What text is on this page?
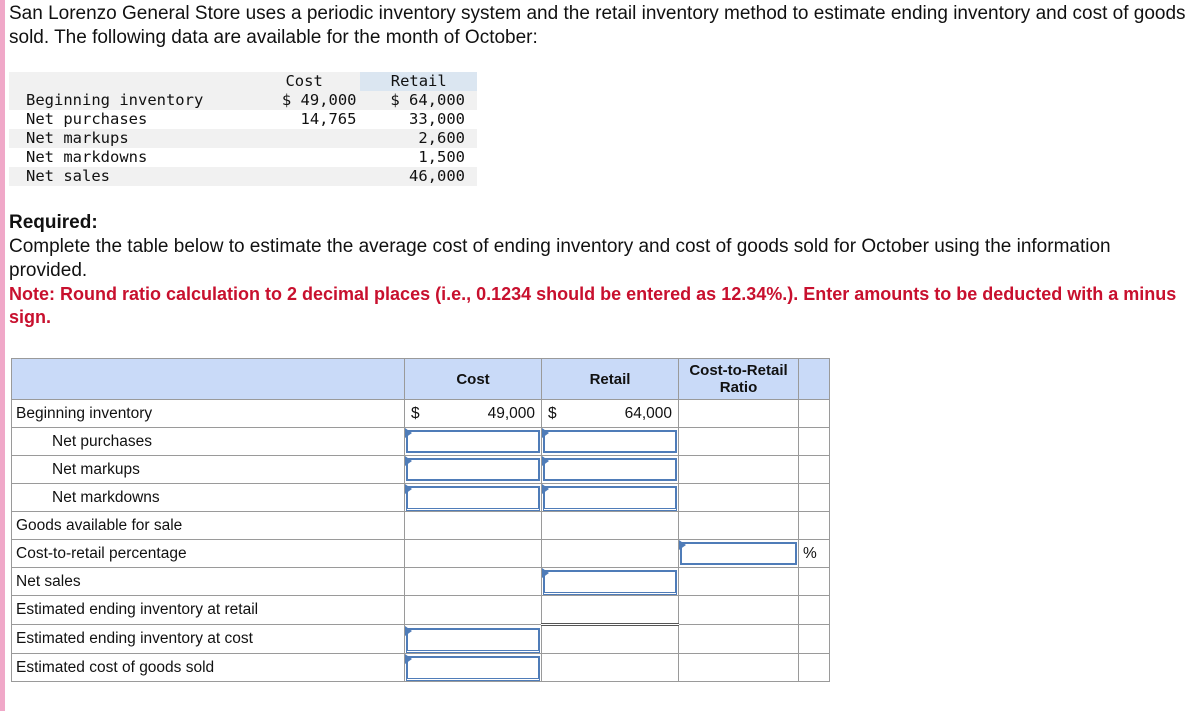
San Lorenzo General Store uses a periodic inventory system and the retail inventory method to estimate ending inventory and cost of goods sold. The following data are available for the month of October:

	Cost	Retail
Beginning inventory	$ 49,000	$ 64,000
Net purchases	14,765	33,000
Net markups		2,600
Net markdowns		1,500
Net sales		46,000
Required:
Complete the table below to estimate the average cost of ending inventory and cost of goods sold for October using the information provided.
Note: Round ratio calculation to 2 decimal places (i.e., 0.1234 should be entered as 12.34%.). Enter amounts to be deducted with a minus sign.
	Cost	Retail	Cost-to-Retail Ratio	
Beginning inventory	$ 49,000	$ 64,000		

Net purchases	

Net markups	

Net markdowns	

Goods available for sale				
Cost-to-retail percentage				%
Net sales		

Estimated ending inventory at retail				
Estimated ending inventory at cost	

Estimated cost of goods sold	
